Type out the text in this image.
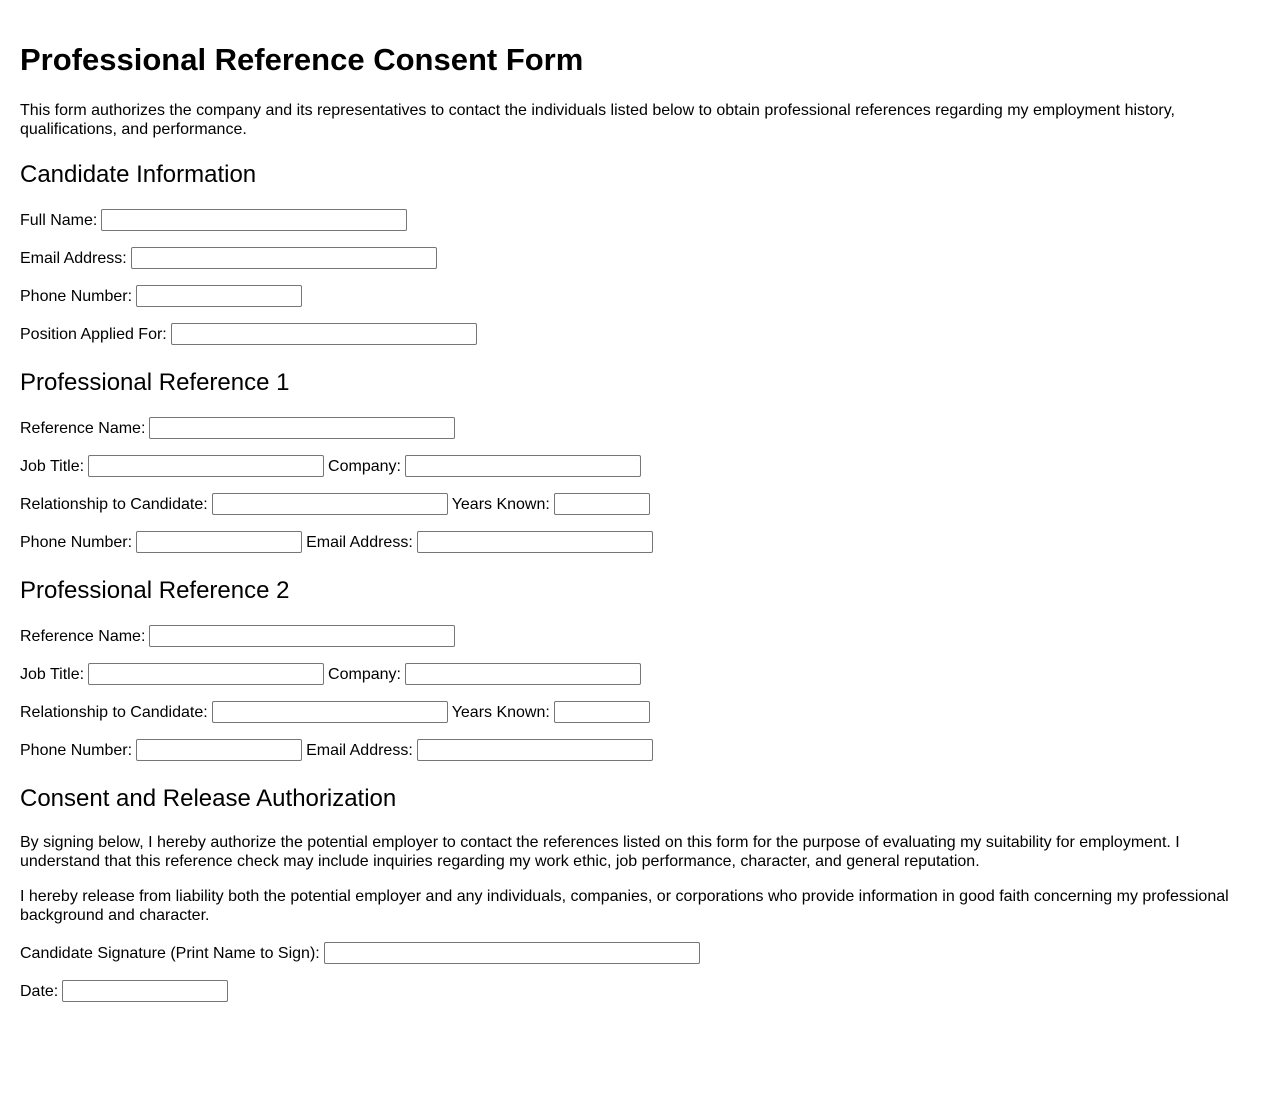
Professional Reference Consent Form

This form authorizes the company and its representatives to contact the individuals listed below to obtain professional references regarding my employment history, qualifications, and performance.

Candidate Information
Full Name:
Email Address:
Phone Number:
Position Applied For:
Professional Reference 1
Reference Name:
Job Title:	Company:
Relationship to Candidate:	Years Known:
Phone Number:	Email Address:
Professional Reference 2
Reference Name:
Job Title:	Company:
Relationship to Candidate:	Years Known:
Phone Number:	Email Address:
Consent and Release Authorization

By signing below, I hereby authorize the potential employer to contact the references listed on this form for the purpose of evaluating my suitability for employment. I understand that this reference check may include inquiries regarding my work ethic, job performance, character, and general reputation.

I hereby release from liability both the potential employer and any individuals, companies, or corporations who provide information in good faith concerning my professional background and character.

Candidate Signature (Print Name to Sign):
Date:
